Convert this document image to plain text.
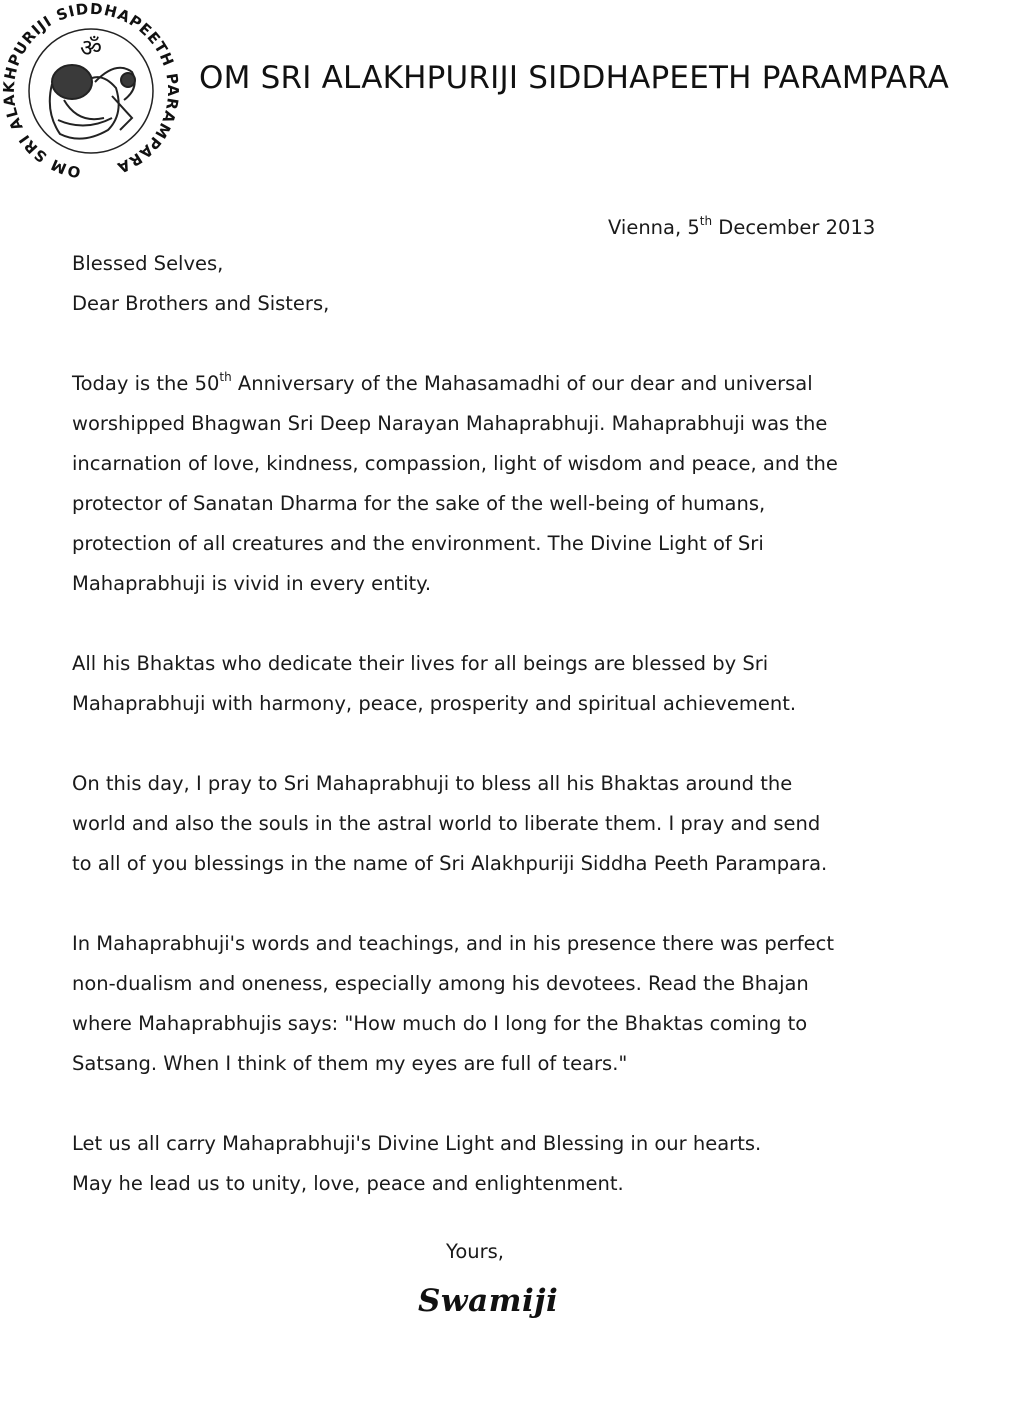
OM SRI ALAKHPURIJI SIDDHAPEETH PARAMPARA
ॐ
OM SRI ALAKHPURIJI SIDDHAPEETH PARAMPARA
Vienna, 5th December 2013

Blessed Selves,

Dear Brothers and Sisters,

Today is the 50th Anniversary of the Mahasamadhi of our dear and universal

worshipped Bhagwan Sri Deep Narayan Mahaprabhuji. Mahaprabhuji was the

incarnation of love, kindness, compassion, light of wisdom and peace, and the

protector of Sanatan Dharma for the sake of the well-being of humans,

protection of all creatures and the environment. The Divine Light of Sri

Mahaprabhuji is vivid in every entity.

All his Bhaktas who dedicate their lives for all beings are blessed by Sri

Mahaprabhuji with harmony, peace, prosperity and spiritual achievement.

On this day, I pray to Sri Mahaprabhuji to bless all his Bhaktas around the

world and also the souls in the astral world to liberate them. I pray and send

to all of you blessings in the name of Sri Alakhpuriji Siddha Peeth Parampara.

In Mahaprabhuji's words and teachings, and in his presence there was perfect

non-dualism and oneness, especially among his devotees. Read the Bhajan

where Mahaprabhujis says: "How much do I long for the Bhaktas coming to

Satsang. When I think of them my eyes are full of tears."

Let us all carry Mahaprabhuji's Divine Light and Blessing in our hearts.

May he lead us to unity, love, peace and enlightenment.

Yours,
Swamiji
